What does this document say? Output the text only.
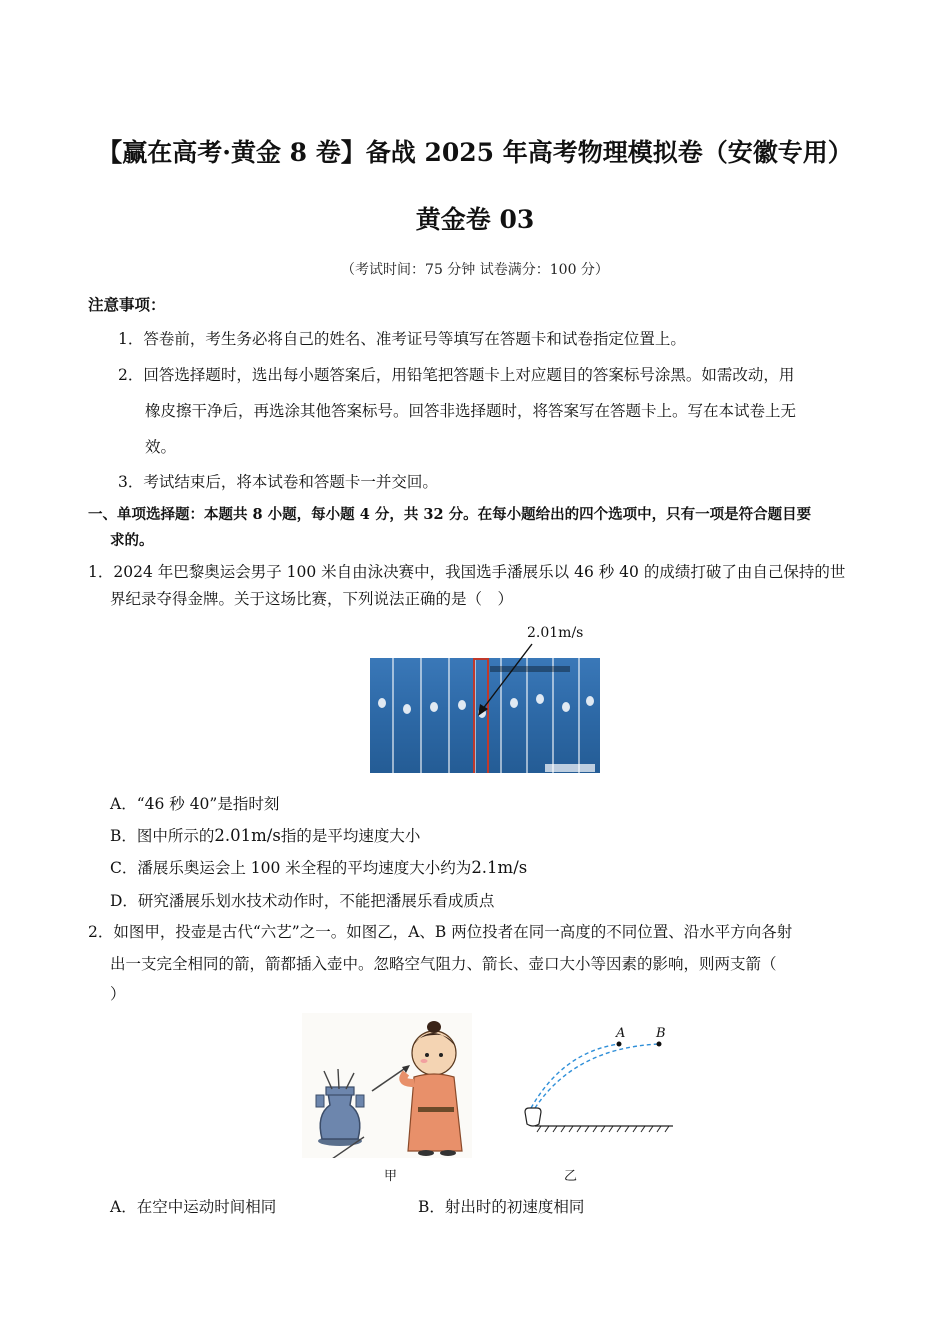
【赢在高考·黄金 8 卷】备战 2025 年高考物理模拟卷（安徽专用）
黄金卷 03
（考试时间：75 分钟 试卷满分：100 分）
注意事项：
1．答卷前，考生务必将自己的姓名、准考证号等填写在答题卡和试卷指定位置上。
2．回答选择题时，选出每小题答案后，用铅笔把答题卡上对应题目的答案标号涂黑。如需改动，用
橡皮擦干净后，再选涂其他答案标号。回答非选择题时，将答案写在答题卡上。写在本试卷上无
效。
3．考试结束后，将本试卷和答题卡一并交回。
一、单项选择题：本题共 8 小题，每小题 4 分，共 32 分。在每小题给出的四个选项中，只有一项是符合题目要
求的。
1．2024 年巴黎奥运会男子 100 米自由泳决赛中，我国选手潘展乐以 46 秒 40 的成绩打破了由自己保持的世
界纪录夺得金牌。关于这场比赛，下列说法正确的是（　）
2.01m/s
A．“46 秒 40”是指时刻
B．图中所示的2.01m/s指的是平均速度大小
C．潘展乐奥运会上 100 米全程的平均速度大小约为2.1m/s
D．研究潘展乐划水技术动作时，不能把潘展乐看成质点
2．如图甲，投壶是古代“六艺”之一。如图乙，A、B 两位投者在同一高度的不同位置、沿水平方向各射
出一支完全相同的箭，箭都插入壶中。忽略空气阻力、箭长、壶口大小等因素的影响，则两支箭（
）
甲
A B
乙
A．在空中运动时间相同	B．射出时的初速度相同
